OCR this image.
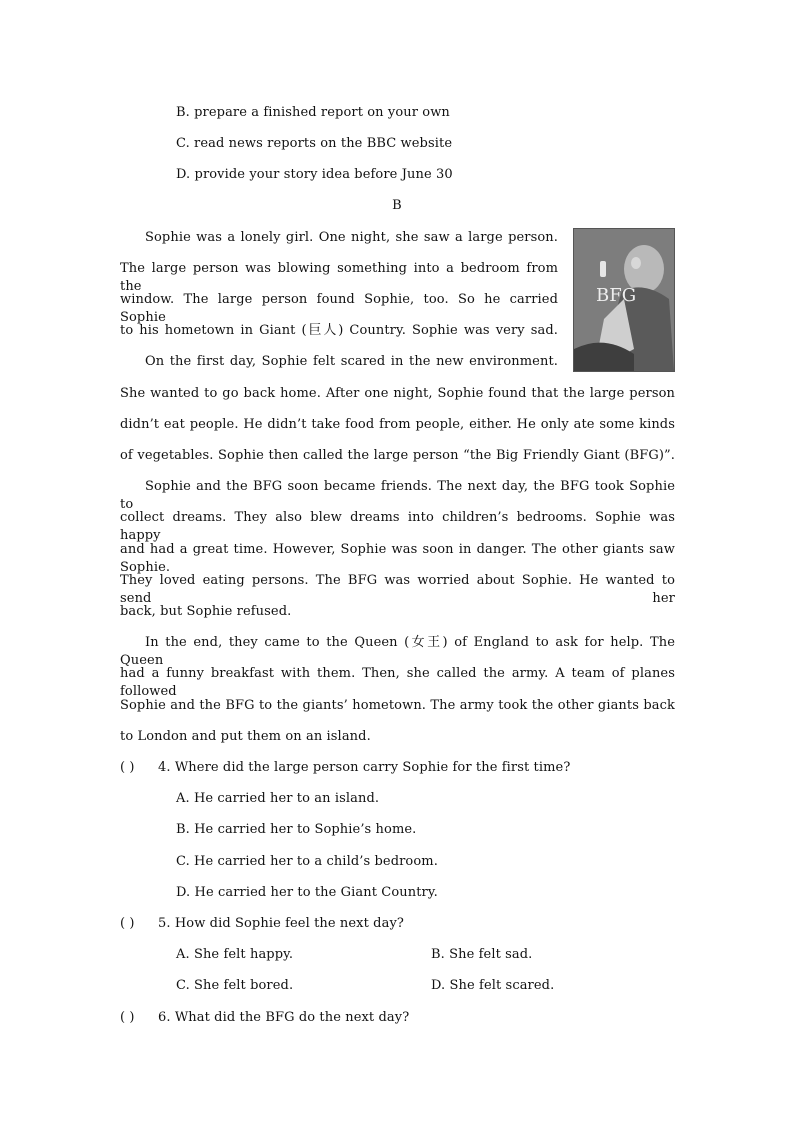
B. prepare a finished report on your own
C. read news reports on the BBC website
D. provide your story idea before June 30
B
BFG
Sophie was a lonely girl. One night, she saw a large person.
The large person was blowing something into a bedroom from the
window. The large person found Sophie, too. So he carried Sophie
to his hometown in Giant (巨人) Country. Sophie was very sad.
On the first day, Sophie felt scared in the new environment.
She wanted to go back home. After one night, Sophie found that the large person
didn’t eat people. He didn’t take food from people, either. He only ate some kinds
of vegetables. Sophie then called the large person “the Big Friendly Giant (BFG)”.
Sophie and the BFG soon became friends. The next day, the BFG took Sophie to
collect dreams. They also blew dreams into children’s bedrooms. Sophie was happy
and had a great time. However, Sophie was soon in danger. The other giants saw Sophie.
They loved eating persons. The BFG was worried about Sophie. He wanted to send her
back, but Sophie refused.
In the end, they came to the Queen (女王) of England to ask for help. The Queen
had a funny breakfast with them. Then, she called the army. A team of planes followed
Sophie and the BFG to the giants’ hometown. The army took the other giants back
to London and put them on an island.
( ) 4. Where did the large person carry Sophie for the first time?
A. He carried her to an island.
B. He carried her to Sophie’s home.
C. He carried her to a child’s bedroom.
D. He carried her to the Giant Country.
( ) 5. How did Sophie feel the next day?
A. She felt happy.	B. She felt sad.
C. She felt bored.	D. She felt scared.
( ) 6. What did the BFG do the next day?
